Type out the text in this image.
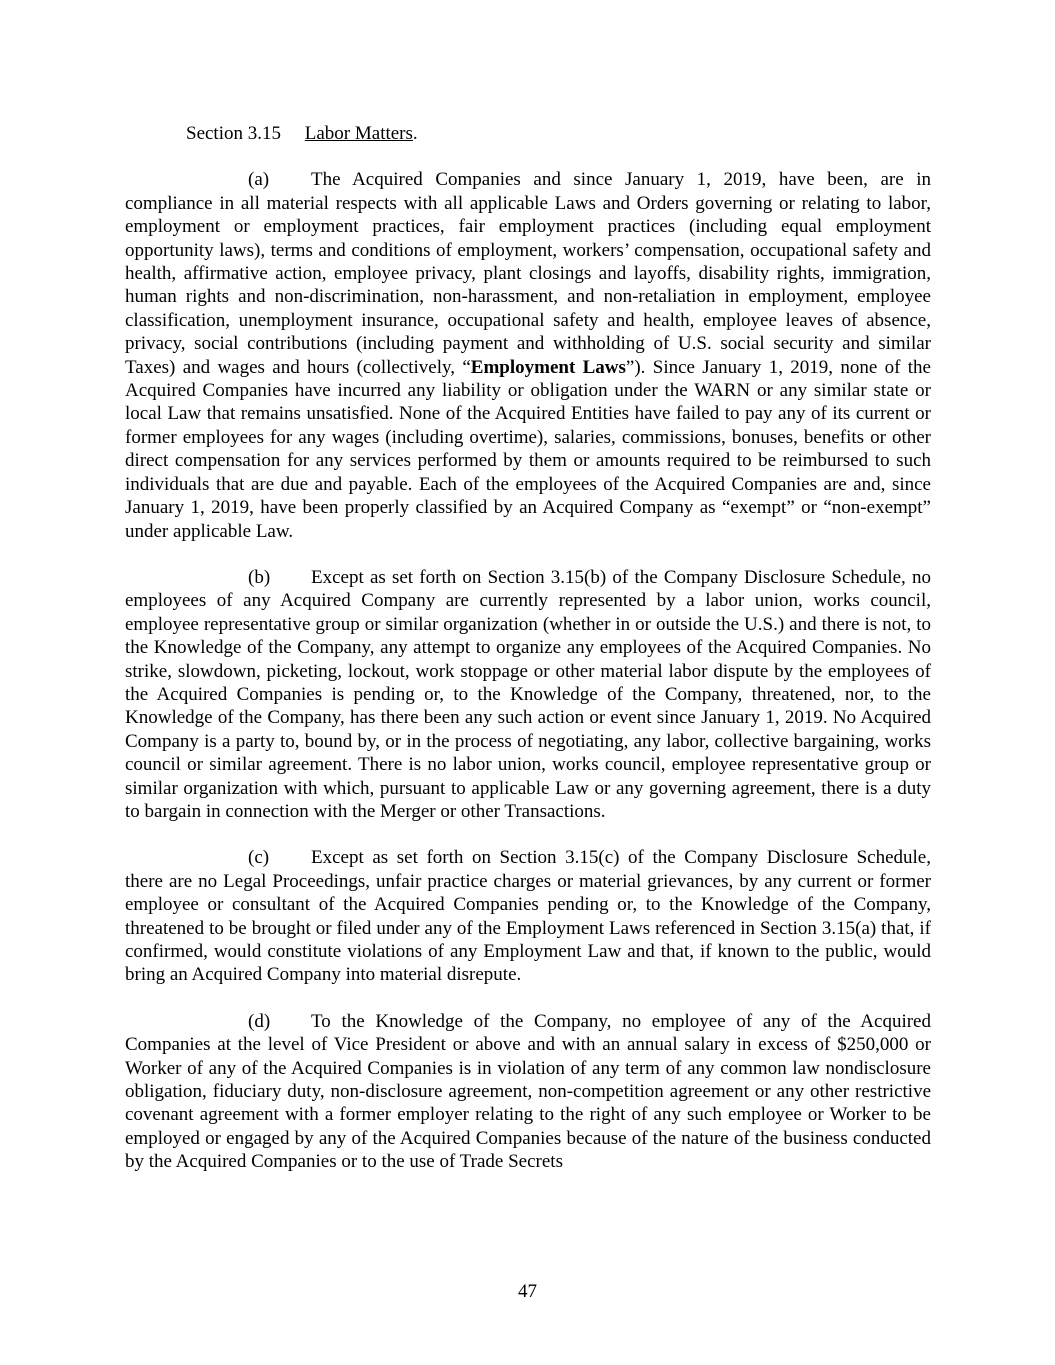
Section 3.15 Labor Matters.

(a) The Acquired Companies and since January 1, 2019, have been, are in compliance in all material respects with all applicable Laws and Orders governing or relating to labor, employment or employment practices, fair employment practices (including equal employment opportunity laws), terms and conditions of employment, workers’ compensation, occupational safety and health, affirmative action, employee privacy, plant closings and layoffs, disability rights, immigration, human rights and non-discrimination, non-harassment, and non-retaliation in employment, employee classification, unemployment insurance, occupational safety and health, employee leaves of absence, privacy, social contributions (including payment and withholding of U.S. social security and similar Taxes) and wages and hours (collectively, “Employment Laws”). Since January 1, 2019, none of the Acquired Companies have incurred any liability or obligation under the WARN or any similar state or local Law that remains unsatisfied. None of the Acquired Entities have failed to pay any of its current or former employees for any wages (including overtime), salaries, commissions, bonuses, benefits or other direct compensation for any services performed by them or amounts required to be reimbursed to such individuals that are due and payable. Each of the employees of the Acquired Companies are and, since January 1, 2019, have been properly classified by an Acquired Company as “exempt” or “non-exempt” under applicable Law.

(b) Except as set forth on Section 3.15(b) of the Company Disclosure Schedule, no employees of any Acquired Company are currently represented by a labor union, works council, employee representative group or similar organization (whether in or outside the U.S.) and there is not, to the Knowledge of the Company, any attempt to organize any employees of the Acquired Companies. No strike, slowdown, picketing, lockout, work stoppage or other material labor dispute by the employees of the Acquired Companies is pending or, to the Knowledge of the Company, threatened, nor, to the Knowledge of the Company, has there been any such action or event since January 1, 2019. No Acquired Company is a party to, bound by, or in the process of negotiating, any labor, collective bargaining, works council or similar agreement. There is no labor union, works council, employee representative group or similar organization with which, pursuant to applicable Law or any governing agreement, there is a duty to bargain in connection with the Merger or other Transactions.

(c) Except as set forth on Section 3.15(c) of the Company Disclosure Schedule, there are no Legal Proceedings, unfair practice charges or material grievances, by any current or former employee or consultant of the Acquired Companies pending or, to the Knowledge of the Company, threatened to be brought or filed under any of the Employment Laws referenced in Section 3.15(a) that, if confirmed, would constitute violations of any Employment Law and that, if known to the public, would bring an Acquired Company into material disrepute.

(d) To the Knowledge of the Company, no employee of any of the Acquired Companies at the level of Vice President or above and with an annual salary in excess of $250,000 or Worker of any of the Acquired Companies is in violation of any term of any common law nondisclosure obligation, fiduciary duty, non-disclosure agreement, non-competition agreement or any other restrictive covenant agreement with a former employer relating to the right of any such employee or Worker to be employed or engaged by any of the Acquired Companies because of the nature of the business conducted by the Acquired Companies or to the use of Trade Secrets

47
